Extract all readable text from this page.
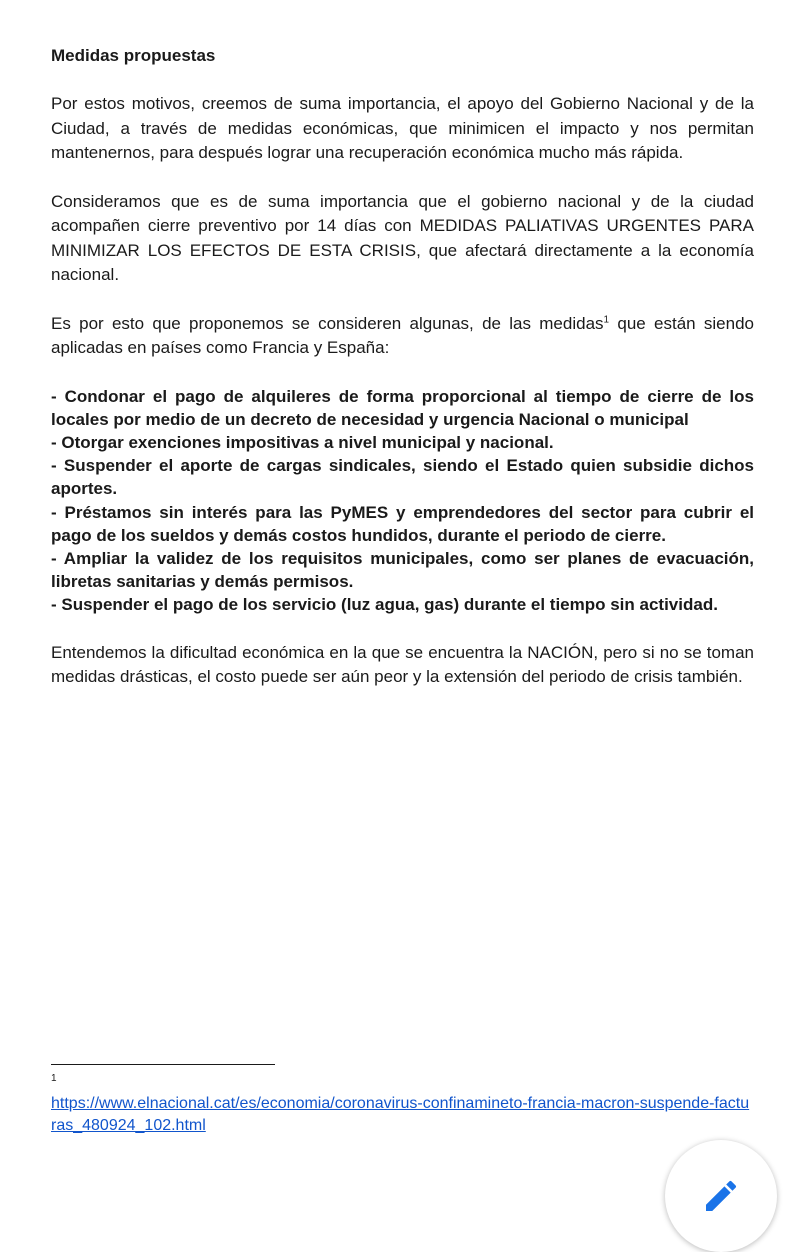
Medidas propuestas

Por estos motivos, creemos de suma importancia, el apoyo del Gobierno Nacional y de la Ciudad, a través de medidas económicas, que minimicen el impacto y nos permitan mantenernos, para después lograr una recuperación económica mucho más rápida.

Consideramos que es de suma importancia que el gobierno nacional y de la ciudad acompañen cierre preventivo por 14 días con MEDIDAS PALIATIVAS URGENTES PARA MINIMIZAR LOS EFECTOS DE ESTA CRISIS, que afectará directamente a la economía nacional.

Es por esto que proponemos se consideren algunas, de las medidas$^1$ que están siendo aplicadas en países como Francia y España:

- Condonar el pago de alquileres de forma proporcional al tiempo de cierre de los locales por medio de un decreto de necesidad y urgencia Nacional o municipal
- Otorgar exenciones impositivas a nivel municipal y nacional.
- Suspender el aporte de cargas sindicales, siendo el Estado quien subsidie dichos aportes.
- Préstamos sin interés para las PyMES y emprendedores del sector para cubrir el pago de los sueldos y demás costos hundidos, durante el periodo de cierre.
- Ampliar la validez de los requisitos municipales, como ser planes de evacuación, libretas sanitarias y demás permisos.
- Suspender el pago de los servicio (luz agua, gas) durante el tiempo sin actividad.

Entendemos la dificultad económica en la que se encuentra la NACIÓN, pero si no se toman medidas drásticas, el costo puede ser aún peor y la extensión del periodo de crisis también.

1
https://www.elnacional.cat/es/economia/coronavirus-confinamineto-francia-macron-suspende-facturas_480924_102.html
